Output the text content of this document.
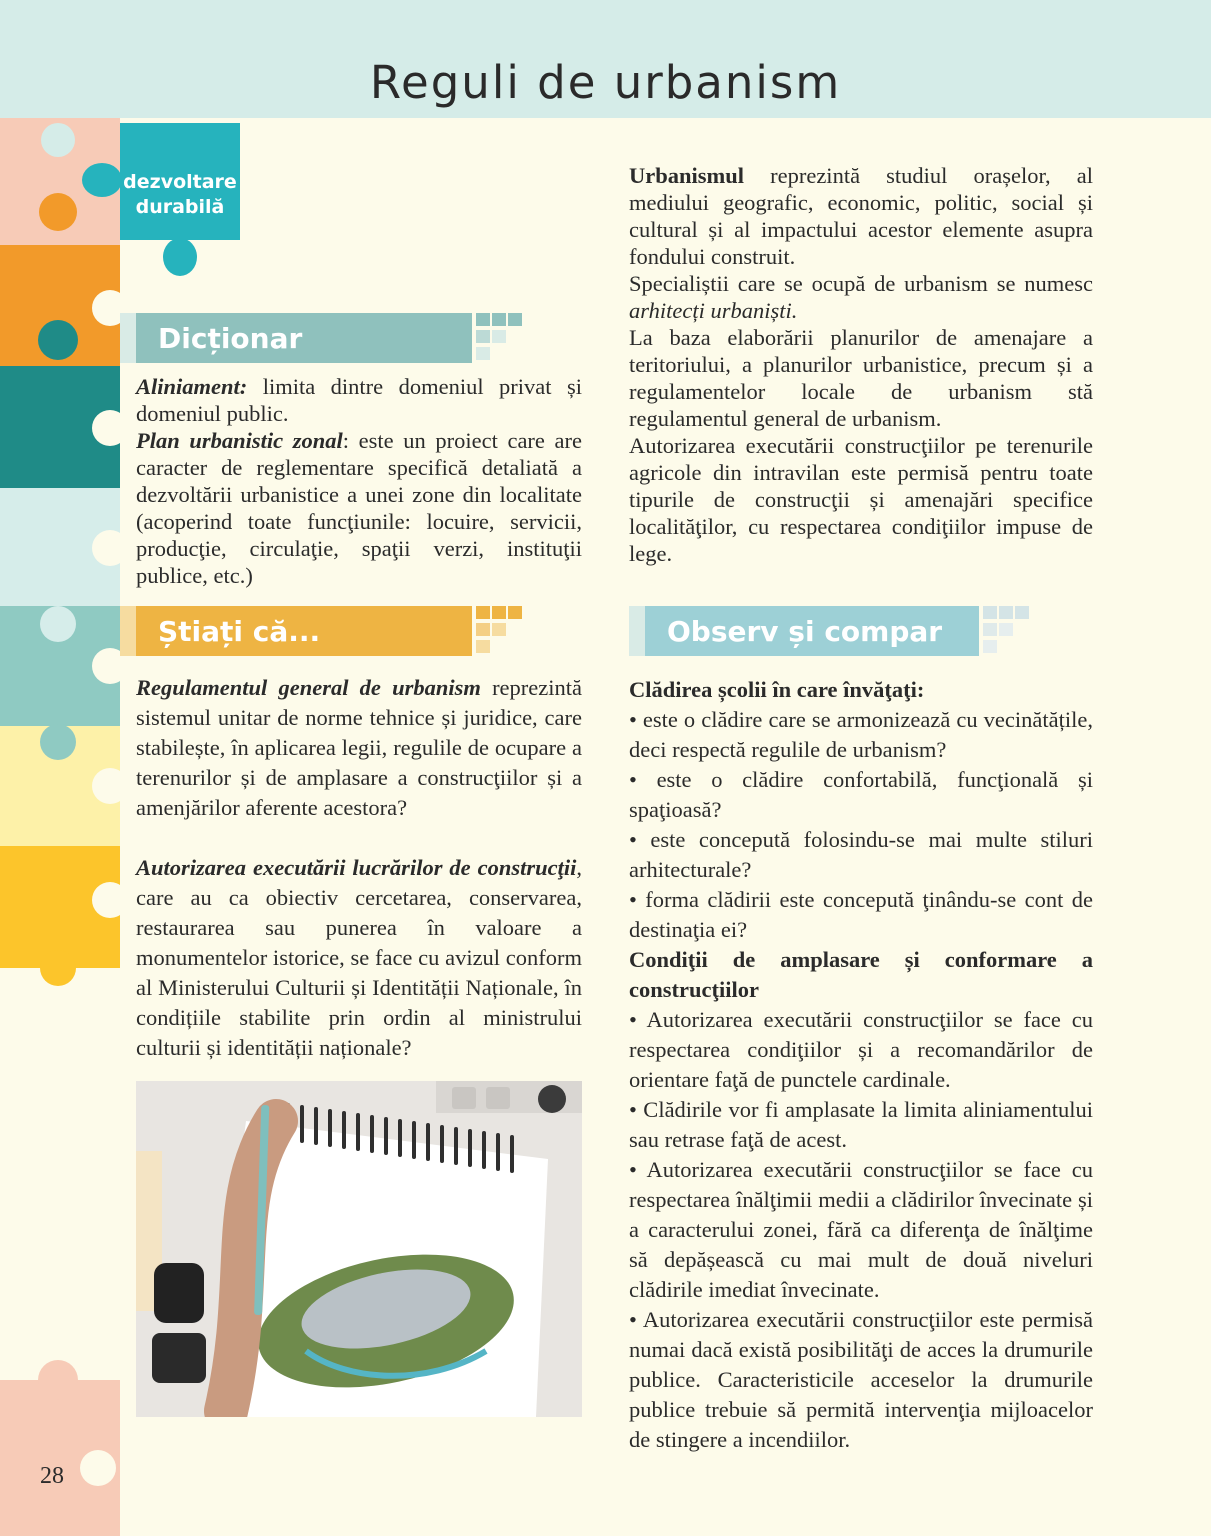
Reguli de urbanism
dezvoltare
durabilă
Dicționar

Aliniament: limita dintre domeniul privat și domeniul public.

Plan urbanistic zonal: este un proiect care are caracter de reglementare specifică detaliată a dezvoltării urbanistice a unei zone din localitate (acoperind toate funcţiunile: locuire, servicii, producţie, circulaţie, spaţii verzi, instituţii publice, etc.)

Știați că...

Regulamentul general de urbanism reprezintă sistemul unitar de norme tehnice și juridice, care stabilește, în aplicarea legii, regulile de ocupare a terenurilor și de amplasare a construcţiilor și a amenjărilor aferente acestora?

Autorizarea executării lucrărilor de construcţii, care au ca obiectiv cercetarea, conservarea, restaurarea sau punerea în valoare a monumentelor istorice, se face cu avizul conform al Ministerului Culturii și Identității Naționale, în condițiile stabilite prin ordin al ministrului culturii și identității naționale?

Urbanismul reprezintă studiul orașelor, al mediului geografic, economic, politic, social și cultural și al impactului acestor elemente asupra fondului construit.

Specialiștii care se ocupă de urbanism se numesc arhitecți urbaniști.

La baza elaborării planurilor de amenajare a teritoriului, a planurilor urbanistice, precum și a regulamentelor locale de urbanism stă regulamentul general de urbanism.

Autorizarea executării construcţiilor pe terenurile agricole din intravilan este permisă pentru toate tipurile de construcţii și amenajări specifice localităţilor, cu respectarea condiţiilor impuse de lege.

Observ și compar

Clădirea școlii în care învăţaţi:

• este o clădire care se armonizează cu vecinătățile, deci respectă regulile de urbanism?

• este o clădire confortabilă, funcţională și spaţioasă?

• este concepută folosindu-se mai multe stiluri arhitecturale?

• forma clădirii este concepută ţinându-se cont de destinaţia ei?

Condiţii de amplasare și conformare a construcţiilor

• Autorizarea executării construcţiilor se face cu respectarea condiţiilor și a recomandărilor de orientare faţă de punctele cardinale.

• Clădirile vor fi amplasate la limita aliniamentului sau retrase faţă de acest.

• Autorizarea executării construcţiilor se face cu respectarea înălţimii medii a clădirilor învecinate și a caracterului zonei, fără ca diferenţa de înălţime să depășească cu mai mult de două niveluri clădirile imediat învecinate.

• Autorizarea executării construcţiilor este permisă numai dacă există posibilităţi de acces la drumurile publice. Caracteristicile acceselor la drumurile publice trebuie să permită intervenţia mijloacelor de stingere a incendiilor.

28
